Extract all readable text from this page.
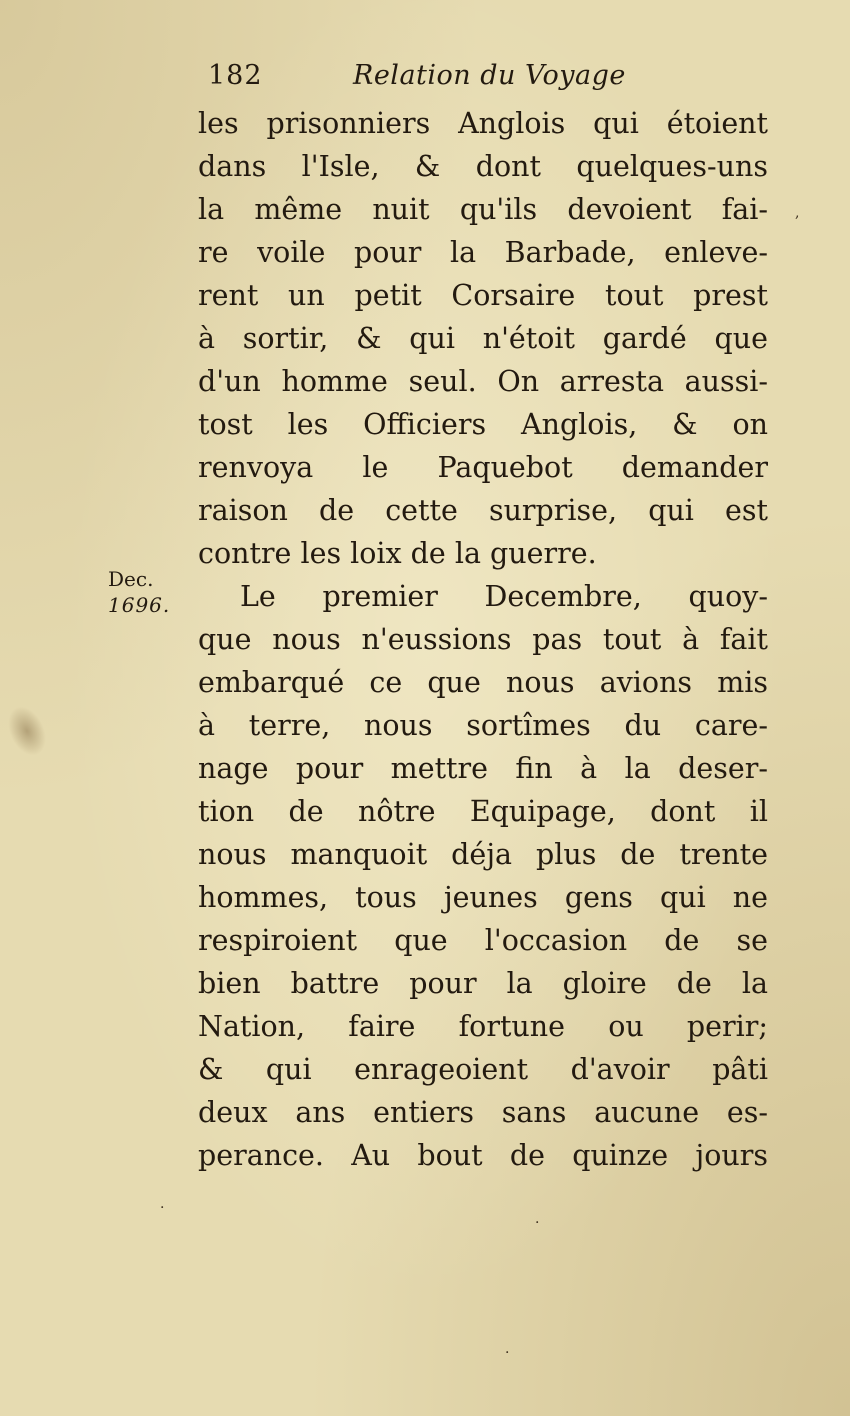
182	Relation du Voyage
Dec.
1696.
les prisonniers Anglois qui étoient
dans l'Isle, & dont quelques-uns
la même nuit qu'ils devoient fai-
re voile pour la Barbade, enleve-
rent un petit Corsaire tout prest
à sortir, & qui n'étoit gardé que
d'un homme seul. On arresta aussi-
tost les Officiers Anglois, & on
renvoya le Paquebot demander
raison de cette surprise, qui est
contre les loix de la guerre.
Le premier Decembre, quoy-
que nous n'eussions pas tout à fait
embarqué ce que nous avions mis
à terre, nous sortîmes du care-
nage pour mettre fin à la deser-
tion de nôtre Equipage, dont il
nous manquoit déja plus de trente
hommes, tous jeunes gens qui ne
respiroient que l'occasion de se
bien battre pour la gloire de la
Nation, faire fortune ou perir;
& qui enrageoient d'avoir pâti
deux ans entiers sans aucune es-
perance. Au bout de quinze jours
,
·
·
·
